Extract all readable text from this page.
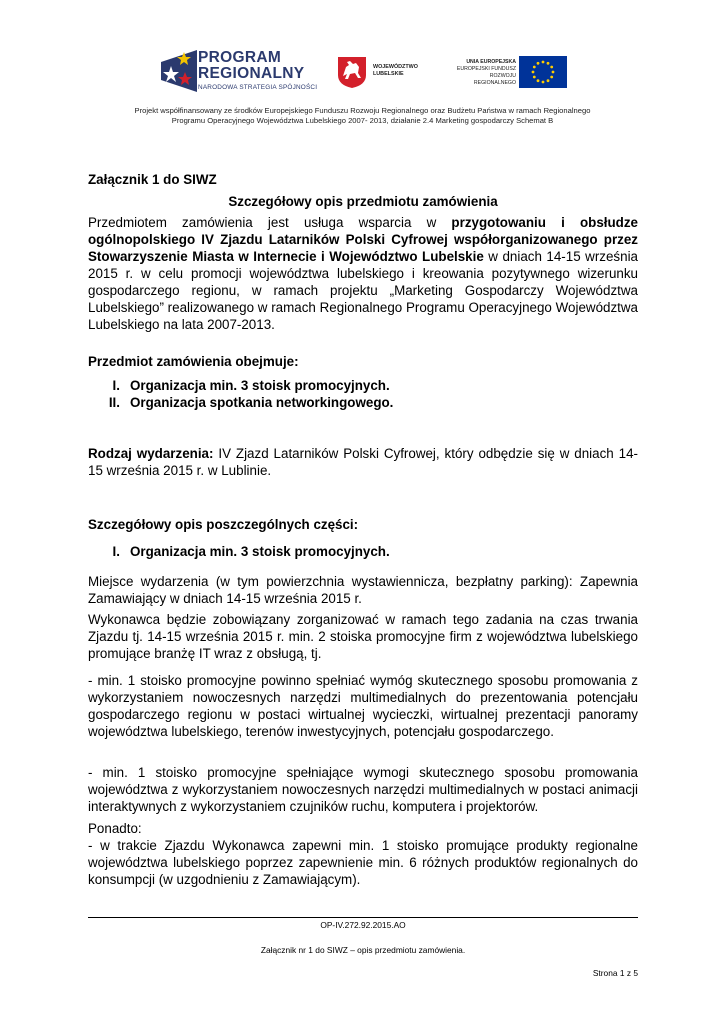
PROGRAM
REGIONALNY
NARODOWA STRATEGIA SPÓJNOŚCI
WOJEWÓDZTWO
LUBELSKIE
UNIA EUROPEJSKA
EUROPEJSKI FUNDUSZ
ROZWOJU REGIONALNEGO
Projekt współfinansowany ze środków Europejskiego Funduszu Rozwoju Regionalnego oraz Budżetu Państwa w ramach Regionalnego
Programu Operacyjnego Województwa Lubelskiego 2007- 2013, działanie 2.4 Marketing gospodarczy Schemat B
Załącznik 1 do SIWZ
Szczegółowy opis przedmiotu zamówienia
Przedmiotem zamówienia jest usługa wsparcia w przygotowaniu i obsłudze ogólnopolskiego IV Zjazdu Latarników Polski Cyfrowej współorganizowanego przez Stowarzyszenie Miasta w Internecie i Województwo Lubelskie w dniach 14-15 września 2015 r. w celu promocji województwa lubelskiego i kreowania pozytywnego wizerunku gospodarczego regionu, w ramach projektu „Marketing Gospodarczy Województwa Lubelskiego” realizowanego w ramach Regionalnego Programu Operacyjnego Województwa Lubelskiego na lata 2007-2013.
Przedmiot zamówienia obejmuje:
I. Organizacja min. 3 stoisk promocyjnych.
II. Organizacja spotkania networkingowego.
Rodzaj wydarzenia: IV Zjazd Latarników Polski Cyfrowej, który odbędzie się w dniach 14-15 września 2015 r. w Lublinie.
Szczegółowy opis poszczególnych części:
I. Organizacja min. 3 stoisk promocyjnych.
Miejsce wydarzenia (w tym powierzchnia wystawiennicza, bezpłatny parking): Zapewnia Zamawiający w dniach 14-15 września 2015 r.
Wykonawca będzie zobowiązany zorganizować w ramach tego zadania na czas trwania Zjazdu tj. 14-15 września 2015 r. min. 2 stoiska promocyjne firm z województwa lubelskiego promujące branżę IT wraz z obsługą, tj.
- min. 1 stoisko promocyjne powinno spełniać wymóg skutecznego sposobu promowania z wykorzystaniem nowoczesnych narzędzi multimedialnych do prezentowania potencjału gospodarczego regionu w postaci wirtualnej wycieczki, wirtualnej prezentacji panoramy województwa lubelskiego, terenów inwestycyjnych, potencjału gospodarczego.
- min. 1 stoisko promocyjne spełniające wymogi skutecznego sposobu promowania województwa z wykorzystaniem nowoczesnych narzędzi multimedialnych w postaci animacji interaktywnych z wykorzystaniem czujników ruchu, komputera i projektorów.
Ponadto:
- w trakcie Zjazdu Wykonawca zapewni min. 1 stoisko promujące produkty regionalne województwa lubelskiego poprzez zapewnienie min. 6 różnych produktów regionalnych do konsumpcji (w uzgodnieniu z Zamawiającym).
OP-IV.272.92.2015.AO
Załącznik nr 1 do SIWZ – opis przedmiotu zamówienia.
Strona 1 z 5
